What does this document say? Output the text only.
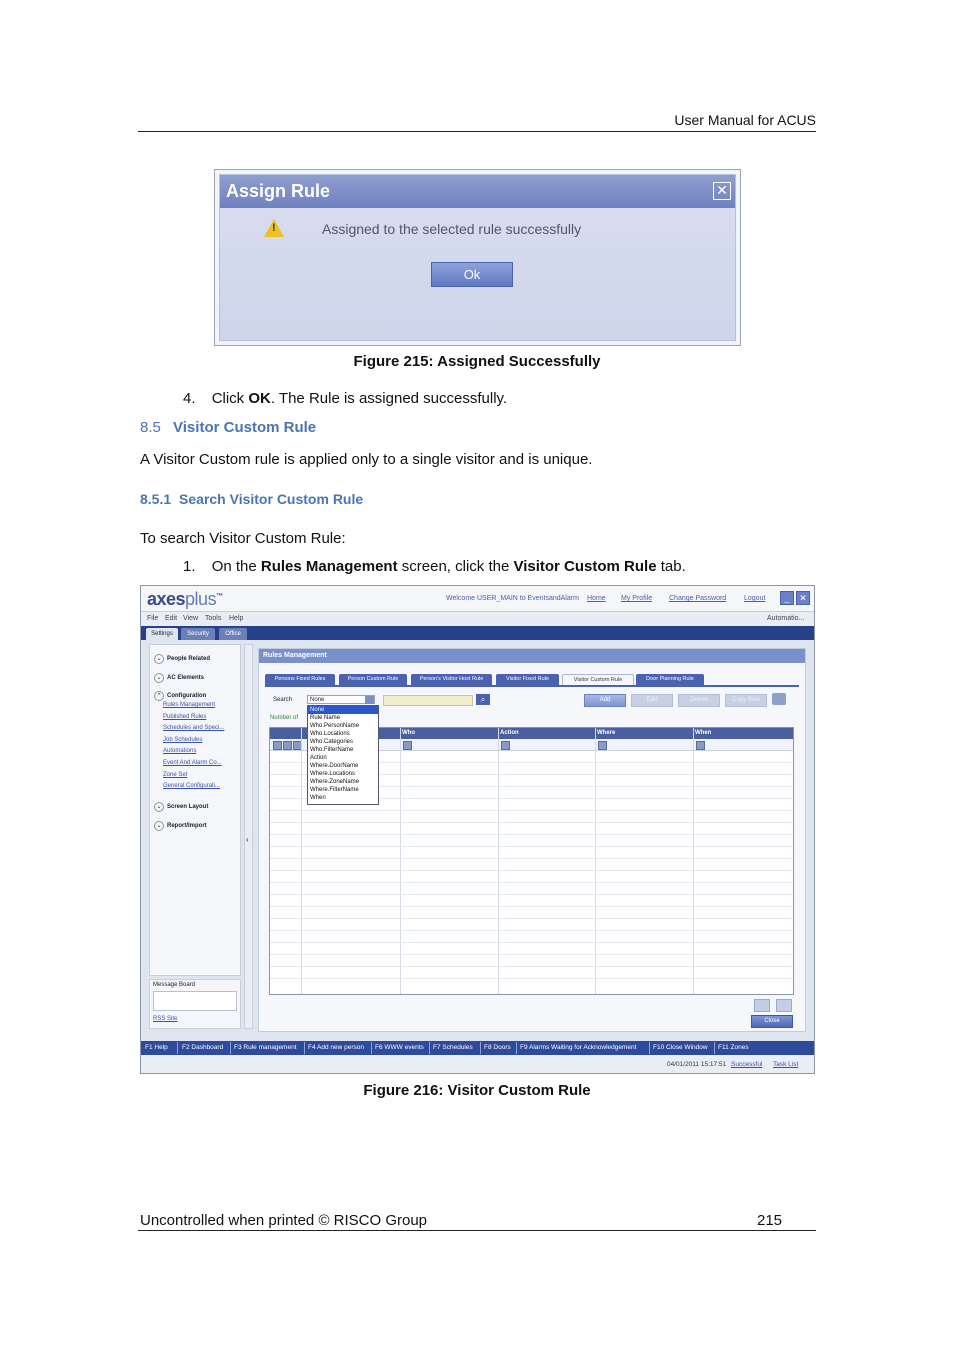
User Manual for ACUS
Assign Rule	✕
!	Assigned to the selected rule successfully
Ok
Figure 215: Assigned Successfully
4. Click OK. The Rule is assigned successfully.
8.5 Visitor Custom Rule
A Visitor Custom rule is applied only to a single visitor and is unique.
8.5.1 Search Visitor Custom Rule
To search Visitor Custom Rule:
1. On the Rules Management screen, click the Visitor Custom Rule tab.
axesplus™	Welcome USER_MAIN to EventsandAlarm Home My Profile Change Password	Logout	_	✕
File Edit View Tools Help	Automatio...
Settings	Security	Office
⌄ People Related
⌄ AC Elements
^ Configuration
Rules Management
Published Rules
Schedules and Speci...
Job Schedules
Automations
Event And Alarm Co...
Zone Set
General Configurati...
⌄ Screen Layout
⌄ Report/Import
‹
Message Board
RSS Site
Rules Management
Persons Fixed Rules	Person Custom Rule	Person's Visitor Host Rule	Visitor Fixed Rule	Visitor Custom Rule	Door Planning Rule
Search	None	⌕	Add	Edit	Delete	Copy Rule
Number of
Who	Action	Where	When
Close
None
Rule Name
Who.PersonName
Who.Locations
Who.Categories
Who.FilterName
Action
Where.DoorName
Where.Locations
Where.ZoneName
Where.FilterName
When
F1 Help F2 Dashboard F3 Rule management F4 Add new person F6 WWW events F7 Schedules F8 Doors F9 Alarms Waiting for Acknowledgement	F10 Close Window F11 Zones
04/01/2011 15:17:51 Successful Task List
Figure 216: Visitor Custom Rule
Uncontrolled when printed © RISCO Group	215
